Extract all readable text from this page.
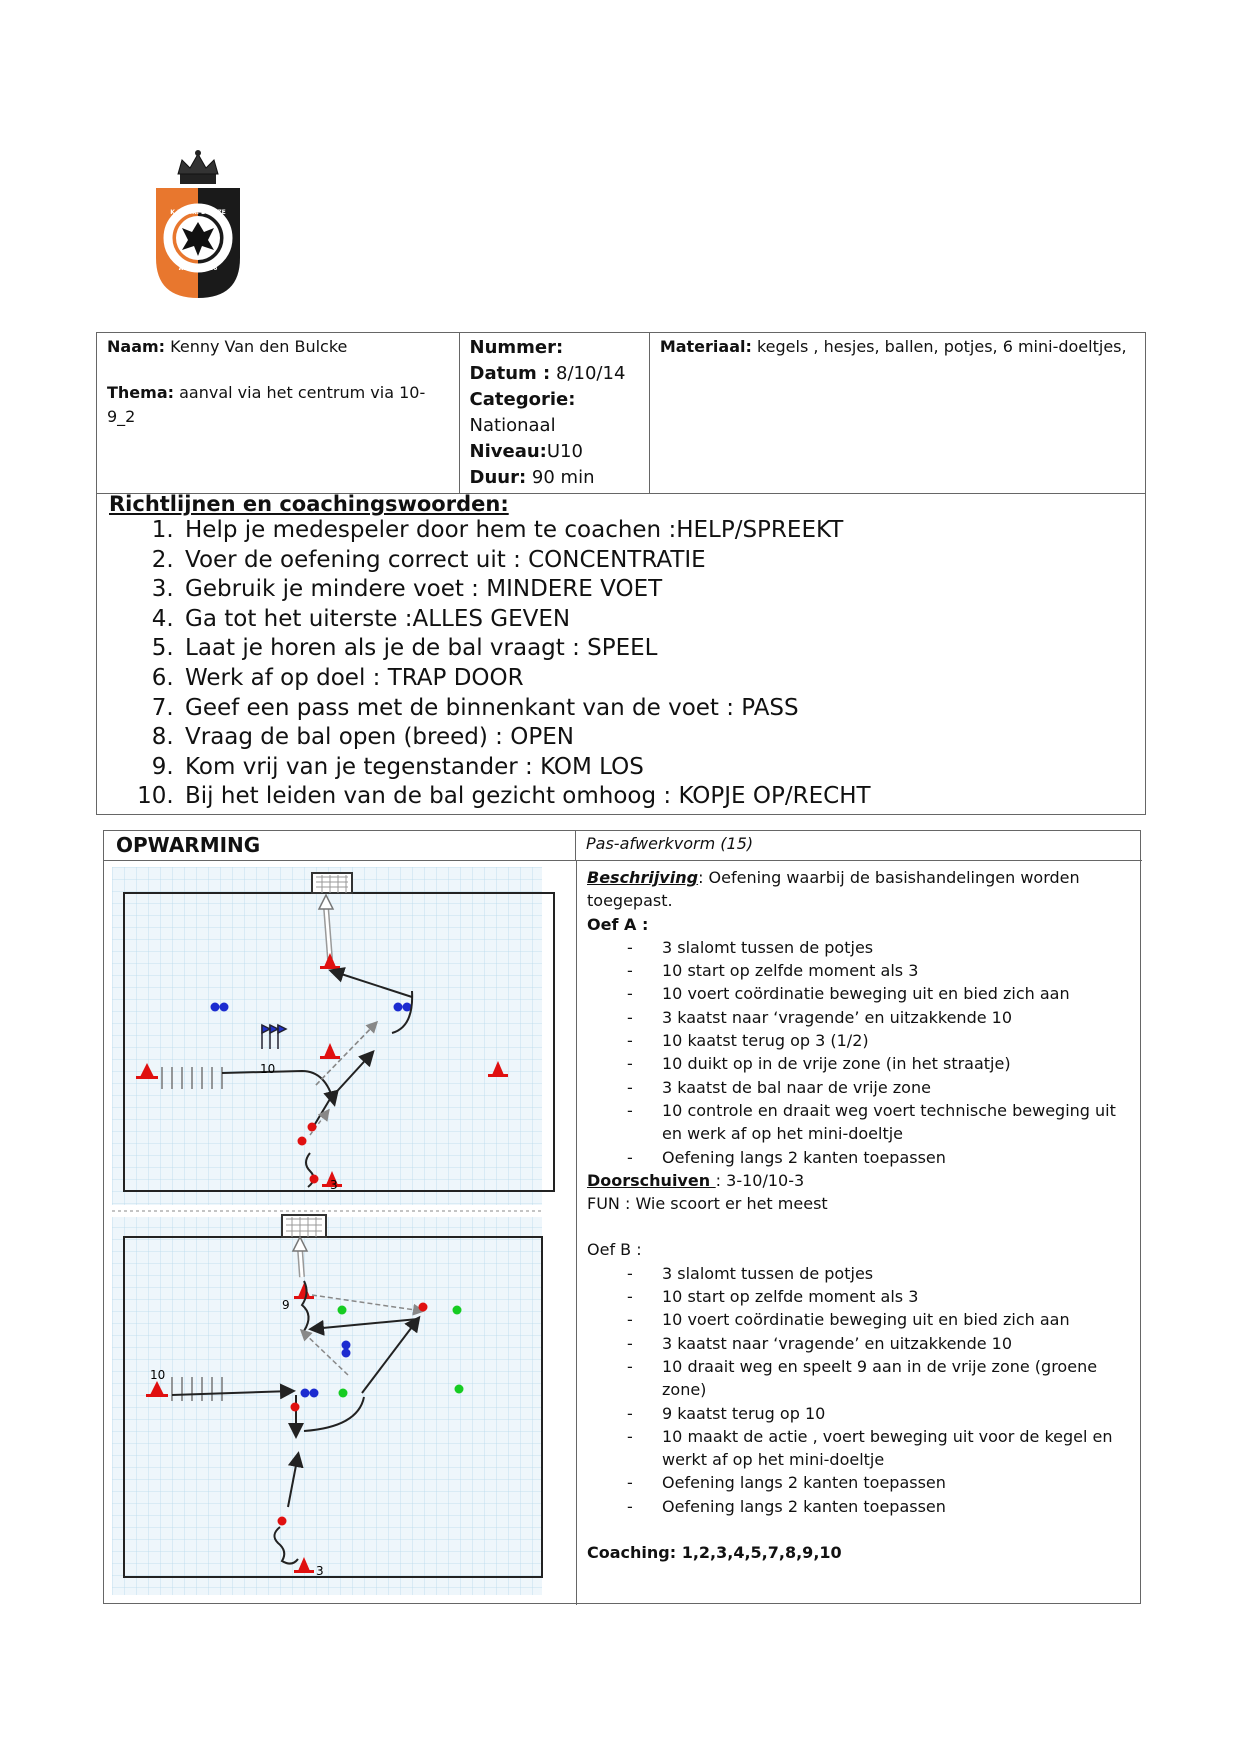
K.M.S.K. DEINZE
ANNO 1926
Naam: Kenny Van den Bulcke
Thema: aanval via het centrum via 10-9_2

Nummer:
Datum : 8/10/14
Categorie:
Nationaal
Niveau:U10
Duur: 90 min
	Materiaal: kegels , hesjes, ballen, potjes, 6 mini-doeltjes,
Richtlijnen en coachingswoorden:
1. Help je medespeler door hem te coachen :HELP/SPREEKT
2. Voer de oefening correct uit : CONCENTRATIE
3. Gebruik je mindere voet : MINDERE VOET
4. Ga tot het uiterste :ALLES GEVEN
5. Laat je horen als je de bal vraagt : SPEEL
6. Werk af op doel : TRAP DOOR
7. Geef een pass met de binnenkant van de voet : PASS
8. Vraag de bal open (breed) : OPEN
9. Kom vrij van je tegenstander : KOM LOS
10. Bij het leiden van de bal gezicht omhoog : KOPJE OP/RECHT
OPWARMING	Pas-afwerkvorm (15)
10
3
10
9
3

Beschrijving: Oefening waarbij de basishandelingen worden toegepast.

Oef A :

- 3 slalomt tussen de potjes
- 10 start op zelfde moment als 3
- 10 voert coördinatie beweging uit en bied zich aan
- 3 kaatst naar ‘vragende’ en uitzakkende 10
- 10 kaatst terug op 3 (1/2)
- 10 duikt op in de vrije zone (in het straatje)
- 3 kaatst de bal naar de vrije zone
- 10 controle en draait weg voert technische beweging uit en werk af op het mini-doeltje
- Oefening langs 2 kanten toepassen

Doorschuiven : 3-10/10-3

FUN : Wie scoort er het meest

Oef B :

- 3 slalomt tussen de potjes
- 10 start op zelfde moment als 3
- 10 voert coördinatie beweging uit en bied zich aan
- 3 kaatst naar ‘vragende’ en uitzakkende 10
- 10 draait weg en speelt 9 aan in de vrije zone (groene zone)
- 9 kaatst terug op 10
- 10 maakt de actie , voert beweging uit voor de kegel en werkt af op het mini-doeltje
- Oefening langs 2 kanten toepassen
- Oefening langs 2 kanten toepassen

Coaching: 1,2,3,4,5,7,8,9,10
